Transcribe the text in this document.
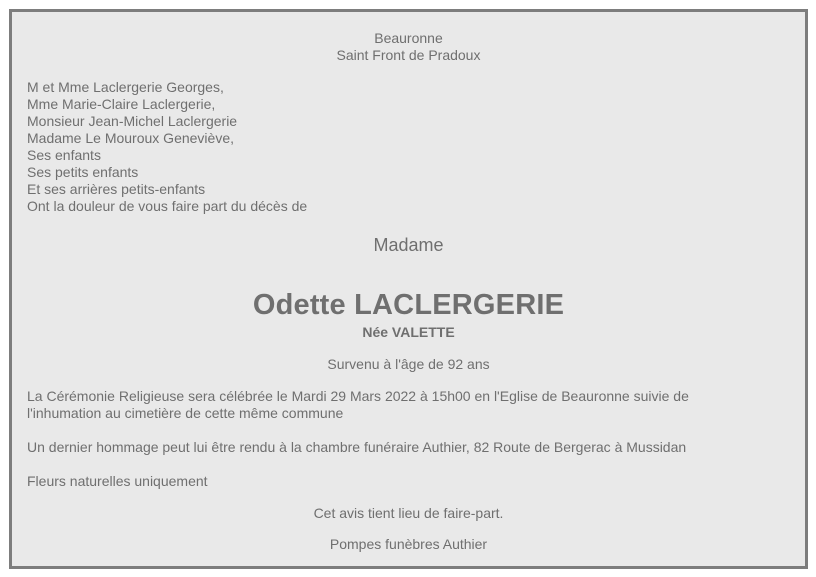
Beauronne
Saint Front de Pradoux
M et Mme Laclergerie Georges,
Mme Marie-Claire Laclergerie,
Monsieur Jean-Michel Laclergerie
Madame Le Mouroux Geneviève,
Ses enfants
Ses petits enfants
Et ses arrières petits-enfants
Ont la douleur de vous faire part du décès de
Madame
Odette LACLERGERIE
Née VALETTE
Survenu à l'âge de 92 ans
La Cérémonie Religieuse sera célébrée le Mardi 29 Mars 2022 à 15h00 en l'Eglise de Beauronne suivie de
l'inhumation au cimetière de cette même commune
Un dernier hommage peut lui être rendu à la chambre funéraire Authier, 82 Route de Bergerac à Mussidan
Fleurs naturelles uniquement
Cet avis tient lieu de faire-part.
Pompes funèbres Authier
